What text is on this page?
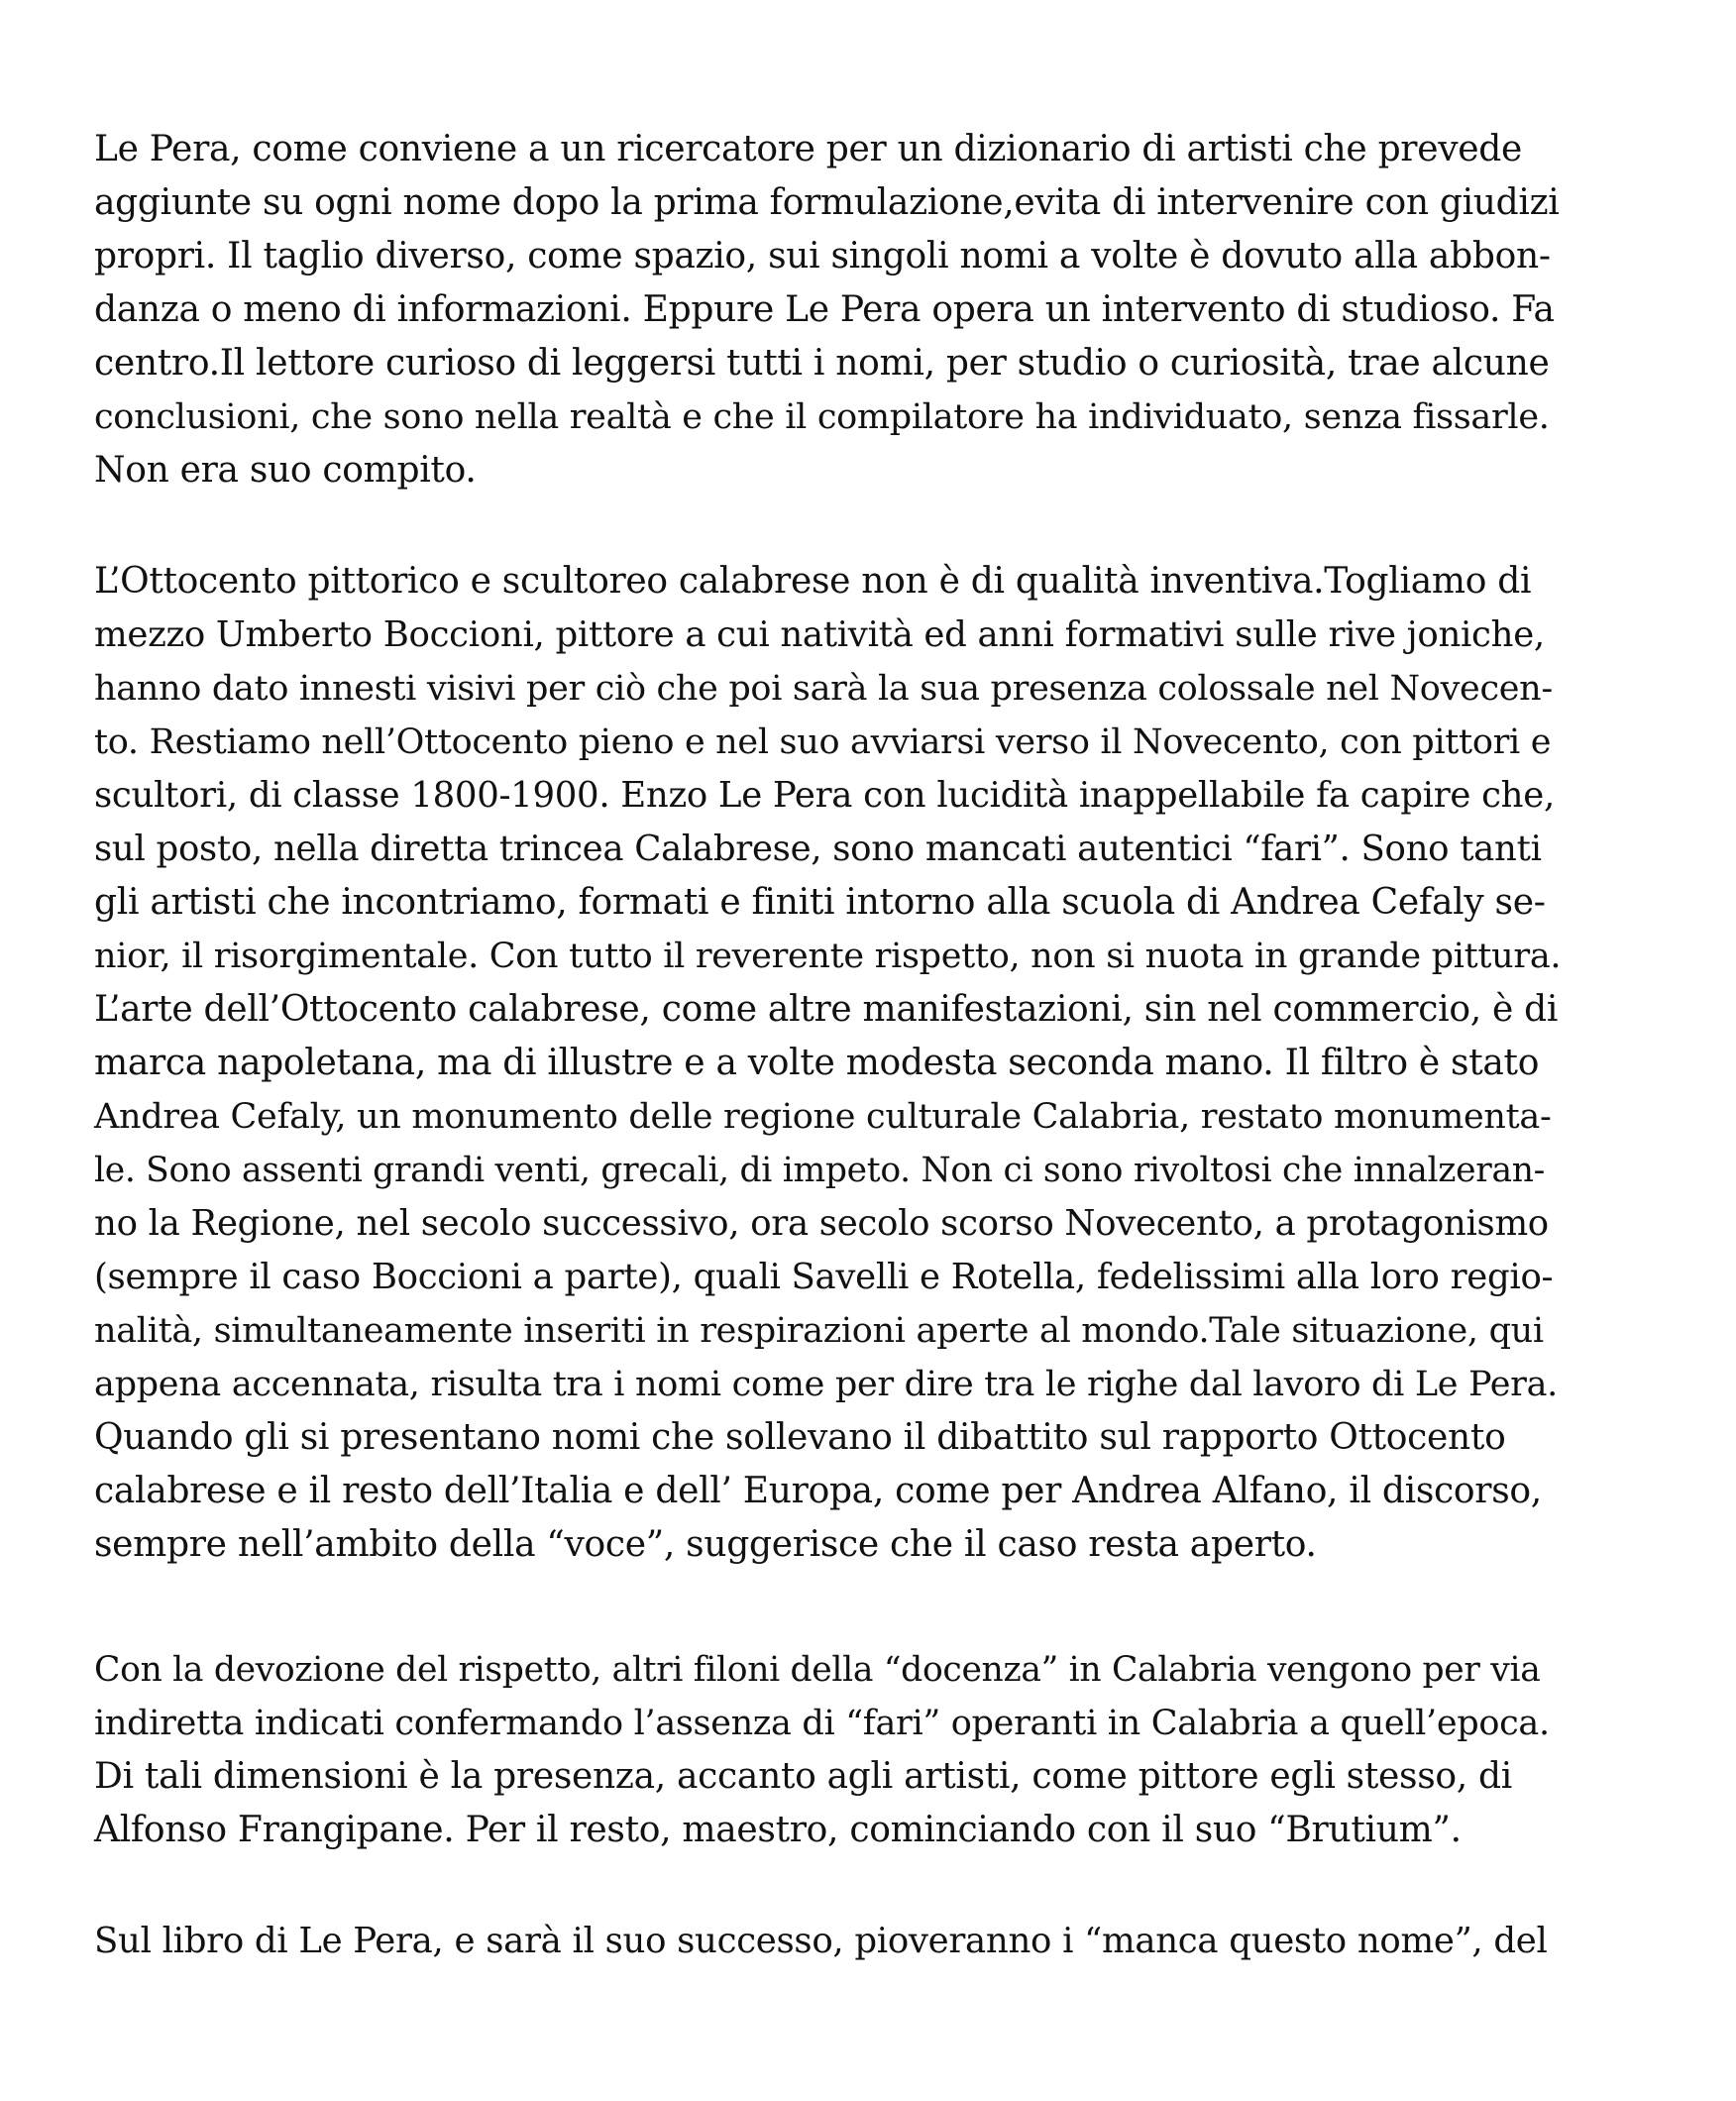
Le Pera, come conviene a un ricercatore per un dizionario di artisti che prevede
aggiunte su ogni nome dopo la prima formulazione,evita di intervenire con giudizi
propri. Il taglio diverso, come spazio, sui singoli nomi a volte è dovuto alla abbon-
danza o meno di informazioni. Eppure Le Pera opera un intervento di studioso. Fa
centro.Il lettore curioso di leggersi tutti i nomi, per studio o curiosità, trae alcune
conclusioni, che sono nella realtà e che il compilatore ha individuato, senza fissarle.
Non era suo compito.
L’Ottocento pittorico e scultoreo calabrese non è di qualità inventiva.Togliamo di
mezzo Umberto Boccioni, pittore a cui natività ed anni formativi sulle rive joniche,
hanno dato innesti visivi per ciò che poi sarà la sua presenza colossale nel Novecen-
to. Restiamo nell’Ottocento pieno e nel suo avviarsi verso il Novecento, con pittori e
scultori, di classe 1800-1900. Enzo Le Pera con lucidità inappellabile fa capire che,
sul posto, nella diretta trincea Calabrese, sono mancati autentici “fari”. Sono tanti
gli artisti che incontriamo, formati e finiti intorno alla scuola di Andrea Cefaly se-
nior, il risorgimentale. Con tutto il reverente rispetto, non si nuota in grande pittura.
L’arte dell’Ottocento calabrese, come altre manifestazioni, sin nel commercio, è di
marca napoletana, ma di illustre e a volte modesta seconda mano. Il filtro è stato
Andrea Cefaly, un monumento delle regione culturale Calabria, restato monumenta-
le. Sono assenti grandi venti, grecali, di impeto. Non ci sono rivoltosi che innalzeran-
no la Regione, nel secolo successivo, ora secolo scorso Novecento, a protagonismo
(sempre il caso Boccioni a parte), quali Savelli e Rotella, fedelissimi alla loro regio-
nalità, simultaneamente inseriti in respirazioni aperte al mondo.Tale situazione, qui
appena accennata, risulta tra i nomi come per dire tra le righe dal lavoro di Le Pera.
Quando gli si presentano nomi che sollevano il dibattito sul rapporto Ottocento
calabrese e il resto dell’Italia e dell’ Europa, come per Andrea Alfano, il discorso,
sempre nell’ambito della “voce”, suggerisce che il caso resta aperto.
Con la devozione del rispetto, altri filoni della “docenza” in Calabria vengono per via
indiretta indicati confermando l’assenza di “fari” operanti in Calabria a quell’epoca.
Di tali dimensioni è la presenza, accanto agli artisti, come pittore egli stesso, di
Alfonso Frangipane. Per il resto, maestro, cominciando con il suo “Brutium”.
Sul libro di Le Pera, e sarà il suo successo, pioveranno i “manca questo nome”, del
